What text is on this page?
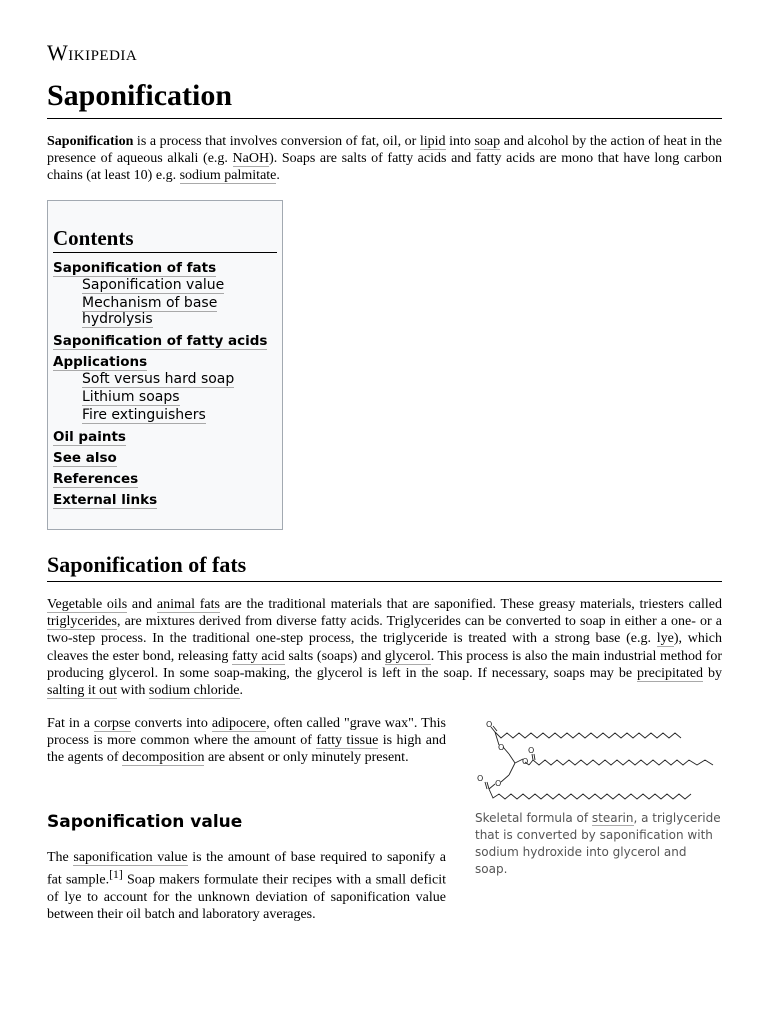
Wikipedia
Saponification

Saponification is a process that involves conversion of fat, oil, or lipid into soap and alcohol by the action of heat in the presence of aqueous alkali (e.g. NaOH). Soaps are salts of fatty acids and fatty acids are mono that have long carbon chains (at least 10) e.g. sodium palmitate.

Contents
Saponification of fats
Saponification value
Mechanism of base hydrolysis
Saponification of fatty acids
Applications
Soft versus hard soap
Lithium soaps
Fire extinguishers
Oil paints
See also
References
External links
Saponification of fats

Vegetable oils and animal fats are the traditional materials that are saponified. These greasy materials, triesters called triglycerides, are mixtures derived from diverse fatty acids. Triglycerides can be converted to soap in either a one- or a two-step process. In the traditional one-step process, the triglyceride is treated with a strong base (e.g. lye), which cleaves the ester bond, releasing fatty acid salts (soaps) and glycerol. This process is also the main industrial method for producing glycerol. In some soap-making, the glycerol is left in the soap. If necessary, soaps may be precipitated by salting it out with sodium chloride.

Fat in a corpse converts into adipocere, often called "grave wax". This process is more common where the amount of fatty tissue is high and the agents of decomposition are absent or only minutely present.

O
O
O
O
O
O
Skeletal formula of stearin, a triglyceride that is converted by saponification with sodium hydroxide into glycerol and soap.
Saponification value

The saponification value is the amount of base required to saponify a fat sample.[1] Soap makers formulate their recipes with a small deficit of lye to account for the unknown deviation of saponification value between their oil batch and laboratory averages.
